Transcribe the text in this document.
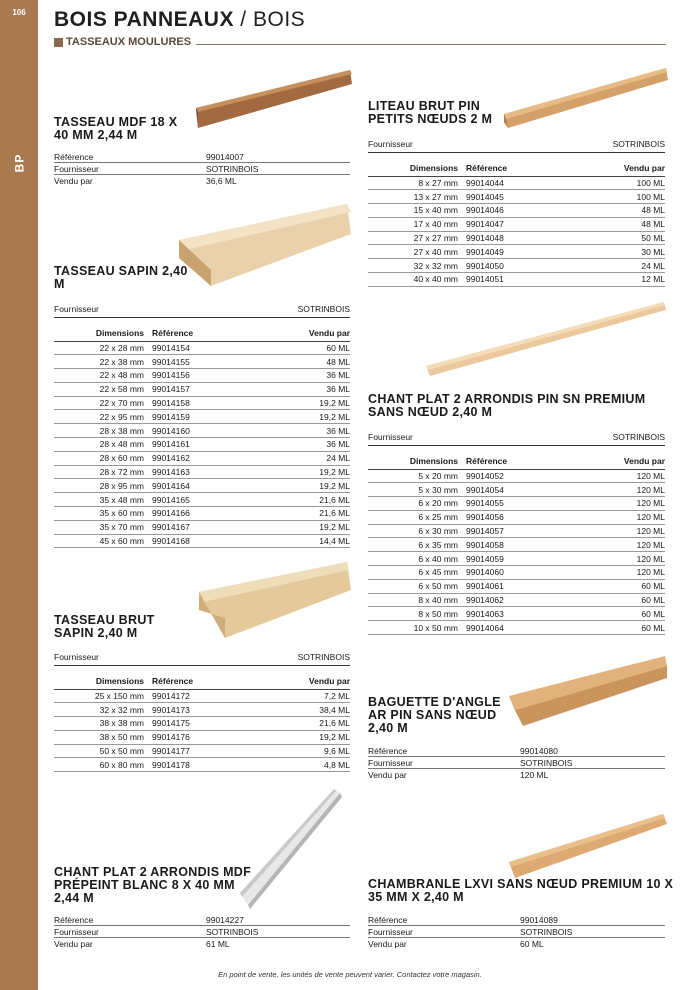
106
BP
BOIS PANNEAUX / BOIS
TASSEAUX MOULURES
TASSEAU MDF 18 X 40 MM 2,44 M
Référence	99014007
Fournisseur	SOTRINBOIS
Vendu par	36,6 ML
TASSEAU SAPIN 2,40 M
Fournisseur	SOTRINBOIS
Dimensions	Référence	Vendu par
22 x 28 mm	99014154	60 ML
22 x 38 mm	99014155	48 ML
22 x 48 mm	99014156	36 ML
22 x 58 mm	99014157	36 ML
22 x 70 mm	99014158	19,2 ML
22 x 95 mm	99014159	19,2 ML
28 x 38 mm	99014160	36 ML
28 x 48 mm	99014161	36 ML
28 x 60 mm	99014162	24 ML
28 x 72 mm	99014163	19,2 ML
28 x 95 mm	99014164	19,2 ML
35 x 48 mm	99014165	21,6 ML
35 x 60 mm	99014166	21,6 ML
35 x 70 mm	99014167	19,2 ML
45 x 60 mm	99014168	14,4 ML
TASSEAU BRUT SAPIN 2,40 M
Fournisseur	SOTRINBOIS
Dimensions	Référence	Vendu par
25 x 150 mm	99014172	7,2 ML
32 x 32 mm	99014173	38,4 ML
38 x 38 mm	99014175	21,6 ML
38 x 50 mm	99014176	19,2 ML
50 x 50 mm	99014177	9,6 ML
60 x 80 mm	99014178	4,8 ML
CHANT PLAT 2 ARRONDIS MDF PRÉPEINT BLANC 8 X 40 MM 2,44 M
Référence	99014227
Fournisseur	SOTRINBOIS
Vendu par	61 ML
LITEAU BRUT PIN PETITS NŒUDS 2 M
Fournisseur	SOTRINBOIS
Dimensions	Référence	Vendu par
8 x 27 mm	99014044	100 ML
13 x 27 mm	99014045	100 ML
15 x 40 mm	99014046	48 ML
17 x 40 mm	99014047	48 ML
27 x 27 mm	99014048	50 ML
27 x 40 mm	99014049	30 ML
32 x 32 mm	99014050	24 ML
40 x 40 mm	99014051	12 ML
CHANT PLAT 2 ARRONDIS PIN SN PREMIUM SANS NŒUD 2,40 M
Fournisseur	SOTRINBOIS
Dimensions	Référence	Vendu par
5 x 20 mm	99014052	120 ML
5 x 30 mm	99014054	120 ML
6 x 20 mm	99014055	120 ML
6 x 25 mm	99014056	120 ML
6 x 30 mm	99014057	120 ML
6 x 35 mm	99014058	120 ML
6 x 40 mm	99014059	120 ML
6 x 45 mm	99014060	120 ML
6 x 50 mm	99014061	60 ML
8 x 40 mm	99014062	60 ML
8 x 50 mm	99014063	60 ML
10 x 50 mm	99014064	60 ML
BAGUETTE D'ANGLE AR PIN SANS NŒUD 2,40 M
Référence	99014080
Fournisseur	SOTRINBOIS
Vendu par	120 ML
CHAMBRANLE LXVI SANS NŒUD PREMIUM 10 X 35 MM X 2,40 M
Référence	99014089
Fournisseur	SOTRINBOIS
Vendu par	60 ML
En point de vente, les unités de vente peuvent varier. Contactez votre magasin.
